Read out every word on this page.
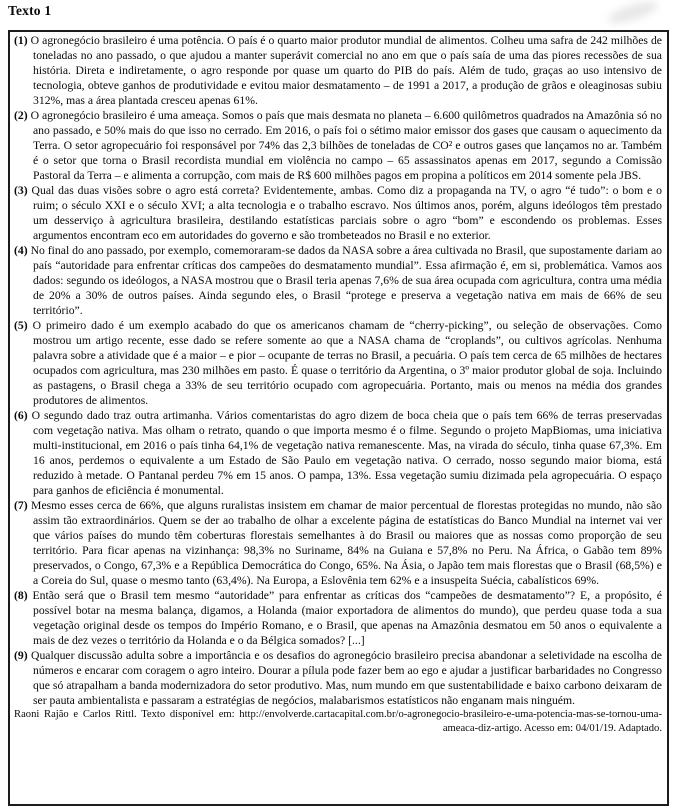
Texto 1

(1) O agronegócio brasileiro é uma potência. O país é o quarto maior produtor mundial de alimentos. Colheu uma safra de 242 milhões de toneladas no ano passado, o que ajudou a manter superávit comercial no ano em que o país saía de uma das piores recessões de sua história. Direta e indiretamente, o agro responde por quase um quarto do PIB do país. Além de tudo, graças ao uso intensivo de tecnologia, obteve ganhos de produtividade e evitou maior desmatamento – de 1991 a 2017, a produção de grãos e oleaginosas subiu 312%, mas a área plantada cresceu apenas 61%.

(2) O agronegócio brasileiro é uma ameaça. Somos o país que mais desmata no planeta – 6.600 quilômetros quadrados na Amazônia só no ano passado, e 50% mais do que isso no cerrado. Em 2016, o país foi o sétimo maior emissor dos gases que causam o aquecimento da Terra. O setor agropecuário foi responsável por 74% das 2,3 bilhões de toneladas de CO² e outros gases que lançamos no ar. Também é o setor que torna o Brasil recordista mundial em violência no campo – 65 assassinatos apenas em 2017, segundo a Comissão Pastoral da Terra – e alimenta a corrupção, com mais de R$ 600 milhões pagos em propina a políticos em 2014 somente pela JBS.

(3) Qual das duas visões sobre o agro está correta? Evidentemente, ambas. Como diz a propaganda na TV, o agro “é tudo”: o bom e o ruim; o século XXI e o século XVI; a alta tecnologia e o trabalho escravo. Nos últimos anos, porém, alguns ideólogos têm prestado um desserviço à agricultura brasileira, destilando estatísticas parciais sobre o agro “bom” e escondendo os problemas. Esses argumentos encontram eco em autoridades do governo e são trombeteados no Brasil e no exterior.

(4) No final do ano passado, por exemplo, comemoraram-se dados da NASA sobre a área cultivada no Brasil, que supostamente dariam ao país “autoridade para enfrentar críticas dos campeões do desmatamento mundial”. Essa afirmação é, em si, problemática. Vamos aos dados: segundo os ideólogos, a NASA mostrou que o Brasil teria apenas 7,6% de sua área ocupada com agricultura, contra uma média de 20% a 30% de outros países. Ainda segundo eles, o Brasil “protege e preserva a vegetação nativa em mais de 66% de seu território”.

(5) O primeiro dado é um exemplo acabado do que os americanos chamam de “cherry-picking”, ou seleção de observações. Como mostrou um artigo recente, esse dado se refere somente ao que a NASA chama de “croplands”, ou cultivos agrícolas. Nenhuma palavra sobre a atividade que é a maior – e pior – ocupante de terras no Brasil, a pecuária. O país tem cerca de 65 milhões de hectares ocupados com agricultura, mas 230 milhões em pasto. É quase o território da Argentina, o 3º maior produtor global de soja. Incluindo as pastagens, o Brasil chega a 33% de seu território ocupado com agropecuária. Portanto, mais ou menos na média dos grandes produtores de alimentos.

(6) O segundo dado traz outra artimanha. Vários comentaristas do agro dizem de boca cheia que o país tem 66% de terras preservadas com vegetação nativa. Mas olham o retrato, quando o que importa mesmo é o filme. Segundo o projeto MapBiomas, uma iniciativa multi-institucional, em 2016 o país tinha 64,1% de vegetação nativa remanescente. Mas, na virada do século, tinha quase 67,3%. Em 16 anos, perdemos o equivalente a um Estado de São Paulo em vegetação nativa. O cerrado, nosso segundo maior bioma, está reduzido à metade. O Pantanal perdeu 7% em 15 anos. O pampa, 13%. Essa vegetação sumiu dizimada pela agropecuária. O espaço para ganhos de eficiência é monumental.

(7) Mesmo esses cerca de 66%, que alguns ruralistas insistem em chamar de maior percentual de florestas protegidas no mundo, não são assim tão extraordinários. Quem se der ao trabalho de olhar a excelente página de estatísticas do Banco Mundial na internet vai ver que vários países do mundo têm coberturas florestais semelhantes à do Brasil ou maiores que as nossas como proporção de seu território. Para ficar apenas na vizinhança: 98,3% no Suriname, 84% na Guiana e 57,8% no Peru. Na África, o Gabão tem 89% preservados, o Congo, 67,3% e a República Democrática do Congo, 65%. Na Ásia, o Japão tem mais florestas que o Brasil (68,5%) e a Coreia do Sul, quase o mesmo tanto (63,4%). Na Europa, a Eslovênia tem 62% e a insuspeita Suécia, cabalísticos 69%.

(8) Então será que o Brasil tem mesmo “autoridade” para enfrentar as críticas dos “campeões de desmatamento”? E, a propósito, é possível botar na mesma balança, digamos, a Holanda (maior exportadora de alimentos do mundo), que perdeu quase toda a sua vegetação original desde os tempos do Império Romano, e o Brasil, que apenas na Amazônia desmatou em 50 anos o equivalente a mais de dez vezes o território da Holanda e o da Bélgica somados? [...]

(9) Qualquer discussão adulta sobre a importância e os desafios do agronegócio brasileiro precisa abandonar a seletividade na escolha de números e encarar com coragem o agro inteiro. Dourar a pílula pode fazer bem ao ego e ajudar a justificar barbaridades no Congresso que só atrapalham a banda modernizadora do setor produtivo. Mas, num mundo em que sustentabilidade e baixo carbono deixaram de ser pauta ambientalista e passaram a estratégias de negócios, malabarismos estatísticos não enganam mais ninguém.

Raoni Rajão e Carlos Rittl. Texto disponível em: http://envolverde.cartacapital.com.br/o-agronegocio-brasileiro-e-uma-potencia-mas-se-tornou-uma-ameaca-diz-artigo. Acesso em: 04/01/19. Adaptado.
